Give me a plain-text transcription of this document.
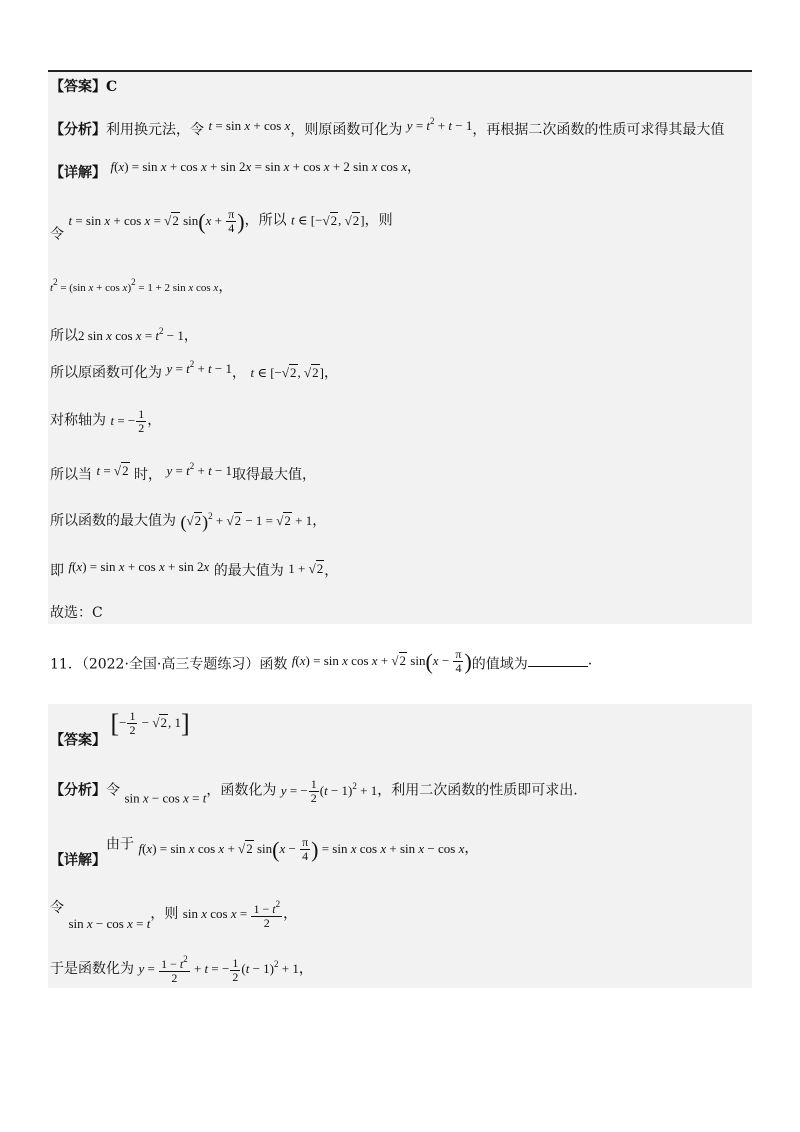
【答案】C
【分析】利用换元法，令 t = sin x + cos x，则原函数可化为 $y = t^2 + t - 1$，再根据二次函数的性质可求得其最大值
【详解】 f(x) = sin x + cos x + sin 2x = sin x + cos x + 2 sin x cos x，
令 t = sin x + cos x = √ 2 $\sin(x + \frac{\pi}{4}$ )，所以 t ∈ [− √ 2, √ 2]，则
$t^2 = (\sin$ x + cos x)$^2$ = 1 + 2 sin x cos x，
所以2 sin x $\cos x = t^2 - 1$，
所以原函数可化为 $y = t^2 + t - 1$， t ∈ [− √ 2, √ 2]，
对称轴为 t = − $\frac{1}{2}$ ，
所以当 t = √ 2 时， $y = t^2 + t - 1$取得最大值，
所以函数的最大值为 ( √ 2)$^2$ + √ 2 − 1 = √ 2 + 1，
即 f(x) = sin x + cos x + sin 2x 的最大值为 1 + √ 2，
故选：C
11．（2022·全国·高三专题练习）函数 f(x) = sin x cos x + √ 2 $\sin(x - \frac{\pi}{4}$ )的值域为	.
【答案】 [− $\frac{1}{2}$ − √ 2, 1]
【分析】令 sin x − cos x = t，函数化为 y = − $\frac{1}{2} (t - 1)^2 + 1$，利用二次函数的性质即可求出.
【详解】由于 f(x) = sin x cos x + √ 2 $\sin(x - \frac{\pi}{4}$ ) = sin x cos x + sin x − cos x，
令 sin x − cos x = t，则 sin x $\cos x = \frac{1 - t^2}{2}$ ，
于是函数化为 $y = \frac{1 - t^2}{2} + t$ = − $\frac{1}{2} (t - 1)^2 + 1$，
